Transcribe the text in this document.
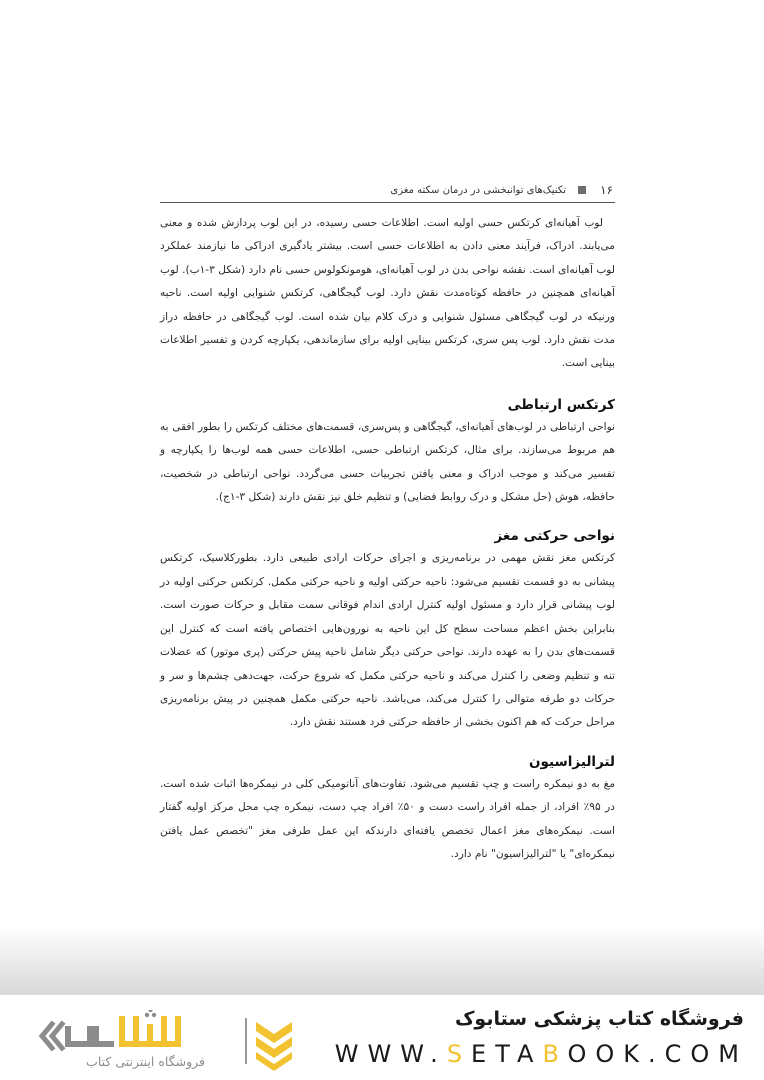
۱۶
تکنیک‌های توانبخشی در درمان سکته مغزی

لوب آهیانه‌ای کرتکس حسی اولیه است. اطلاعات حسی رسیده، در این لوب پردازش شده و معنی می‌یابند. ادراک، فرآیند معنی دادن به اطلاعات حسی است. بیشتر یادگیری ادراکی ما نیازمند عملکرد لوب آهیانه‌ای است. نقشه نواحی بدن در لوب آهیانه‌ای، هومونکولوس حسی نام دارد (شکل ۳-۱ب). لوب آهیانه‌ای همچنین در حافظه کوتاه‌مدت نقش دارد. لوب گیجگاهی، کرتکس شنوایی اولیه است. ناحیه ورنیکه در لوب گیجگاهی مسئول شنوایی و درک کلام بیان شده است. لوب گیجگاهی در حافظه دراز مدت نقش دارد. لوب پس سری، کرتکس بینایی اولیه برای سازماندهی، یکپارچه کردن و تفسیر اطلاعات بینایی است.

کرتکس ارتباطی

نواحی ارتباطی در لوب‌های آهیانه‌ای، گیجگاهی و پس‌سری، قسمت‌های مختلف کرتکس را بطور افقی به هم مربوط می‌سازند. برای مثال، کرتکس ارتباطی حسی، اطلاعات حسی همه لوب‌ها را یکپارچه و تفسیر می‌کند و موجب ادراک و معنی یافتن تجربیات حسی می‌گردد. نواحی ارتباطی در شخصیت، حافظه، هوش (حل مشکل و درک روابط فضایی) و تنظیم خلق نیز نقش دارند (شکل ۳-۱ج).

نواحی حرکتی مغز

کرتکس مغز نقش مهمی در برنامه‌ریزی و اجرای حرکات ارادی طبیعی دارد. بطورکلاسیک، کرتکس پیشانی به دو قسمت تقسیم می‌شود: ناحیه حرکتی اولیه و ناحیه حرکتی مکمل. کرتکس حرکتی اولیه در لوب پیشانی قرار دارد و مسئول اولیه کنترل ارادی اندام فوقانی سمت مقابل و حرکات صورت است. بنابراین بخش اعظم مساحت سطح کل این ناحیه به نورون‌هایی اختصاص یافته است که کنترل این قسمت‌های بدن را به عهده دارند. نواحی حرکتی دیگر شامل ناحیه پیش حرکتی (پری موتور) که عضلات تنه و تنظیم وضعی را کنترل می‌کند و ناحیه حرکتی مکمل که شروع حرکت، جهت‌دهی چشم‌ها و سر و حرکات دو طرفه متوالی را کنترل می‌کند، می‌باشد. ناحیه حرکتی مکمل همچنین در پیش برنامه‌ریزی مراحل حرکت که هم اکنون بخشی از حافظه حرکتی فرد هستند نقش دارد.

لترالیزاسیون

مغ به دو نیمکره راست و چپ تقسیم می‌شود. تفاوت‌های آناتومیکی کلی در نیمکره‌ها اثبات شده است. در ۹۵٪ افراد، از جمله افراد راست دست و ۵۰٪ افراد چپ دست، نیمکره چپ محل مرکز اولیه گفتار است. نیمکره‌های مغز اعمال تخصص یافته‌ای دارندکه این عمل طرفی مغز "تخصص عمل یافتن نیمکره‌ای" یا "لترالیزاسیون" نام دارد.

فروشگاه اینترنتی کتاب
فروشگاه کتاب پزشکی ستابوک
WWW.SETABOOK.COM
